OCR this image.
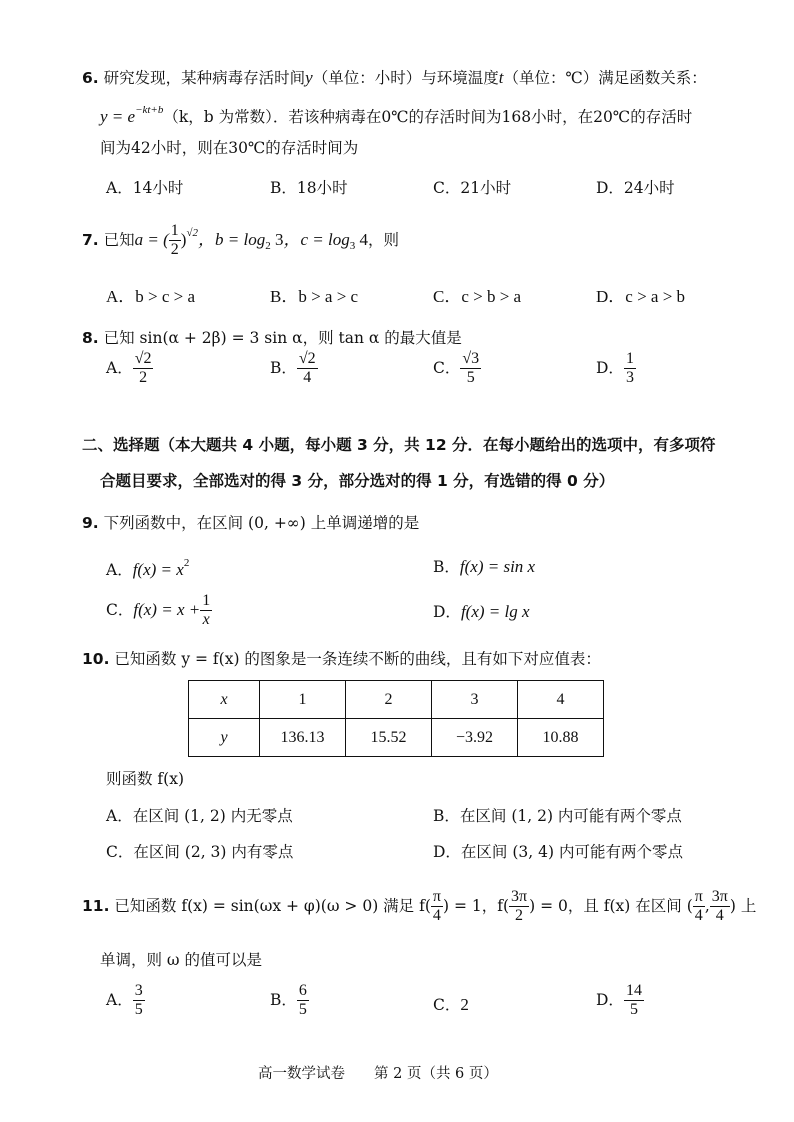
6. 研究发现，某种病毒存活时间y（单位：小时）与环境温度t（单位：℃）满足函数关系：
$y = e^{-kt+b}(k$，b 为常数）．若该种病毒在0℃的存活时间为168小时，在20℃的存活时
间为42小时，则在30℃的存活时间为
A．14小时	B．18小时	C．21小时	D．24小时
7. 已知a = ( $\frac{1}{2} )^{√2}$，$b = \log_2 3$，$c = \log_3 4$，则
A．b > c > a	B．b > a > c	C．c > b > a	D．c > a > b
8. 已知 sin(α + 2β) = 3 sin α，则 tan α 的最大值是
A． $\frac{√2}{2}$	B． $\frac{√2}{4}$	C． $\frac{√3}{5}$	D． $\frac{1}{3}$
二、选择题（本大题共 4 小题，每小题 3 分，共 12 分．在每小题给出的选项中，有多项符
合题目要求，全部选对的得 3 分，部分选对的得 1 分，有选错的得 0 分）
9. 下列函数中，在区间 (0, +∞) 上单调递增的是
A．$f(x) = x^2$	B．f(x) = sin x
C．$f(x) = x + \frac{1}{x}$	D．f(x) = lg x
10. 已知函数 y = f(x) 的图象是一条连续不断的曲线，且有如下对应值表：
x	1	2	3	4
y	136.13	15.52	−3.92	10.88
则函数 f(x)
A．在区间 (1, 2) 内无零点	B．在区间 (1, 2) 内可能有两个零点
C．在区间 (2, 3) 内有零点	D．在区间 (3, 4) 内可能有两个零点
11. 已知函数 f(x) = sin(ωx + φ)(ω > 0) 满足 $f( \frac{\pi}{4}$ ) = 1，$f( \frac{3\pi}{2}$ ) = 0，且 f(x) 在区间 ( $\frac{\pi}{4}$ , $\frac{3\pi}{4}$ ) 上
单调，则 ω 的值可以是
A． $\frac{3}{5}$	B． $\frac{6}{5}$	C．2	D． $\frac{14}{5}$
高一数学试卷　　第 2 页（共 6 页）
